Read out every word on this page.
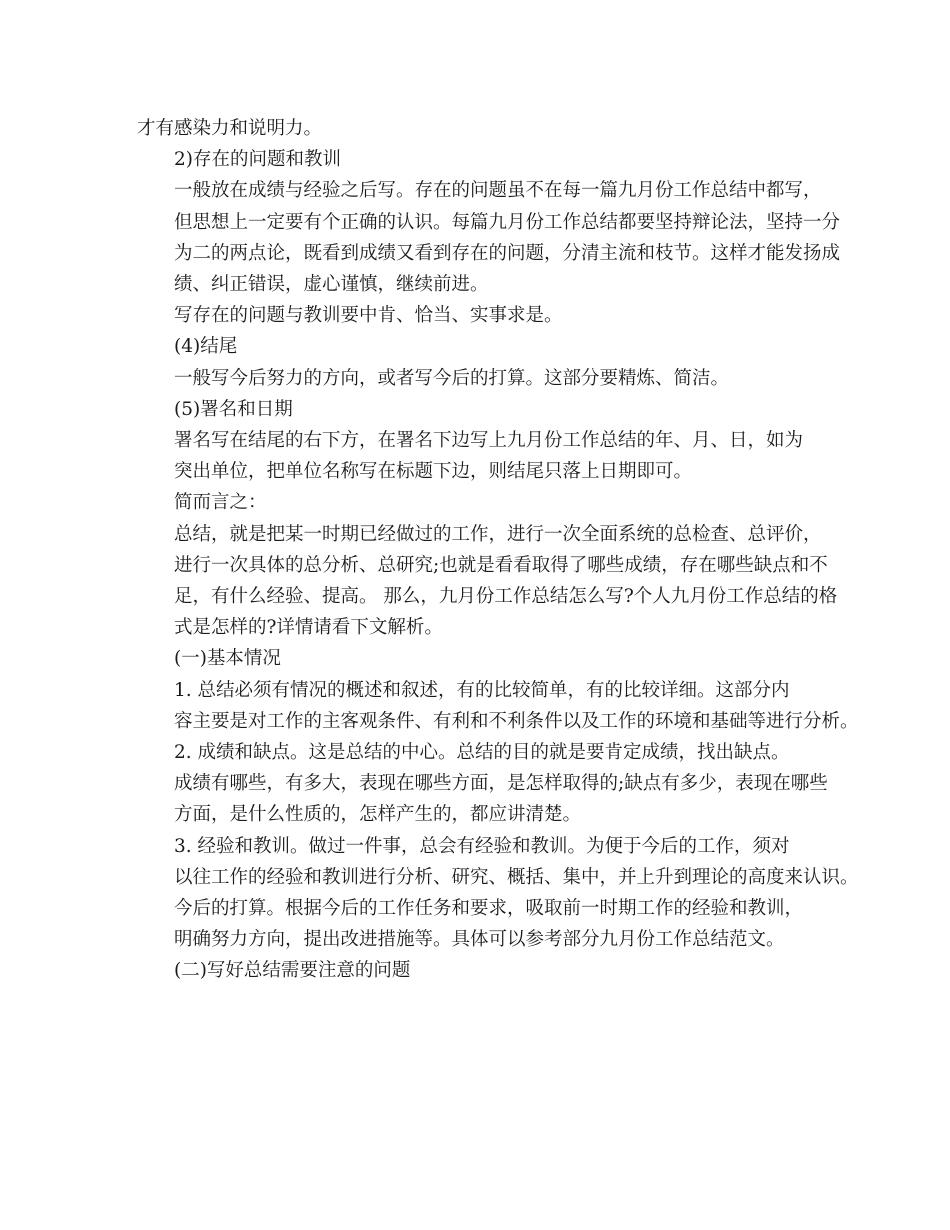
才有感染力和说明力。

2)存在的问题和教训

一般放在成绩与经验之后写。存在的问题虽不在每一篇九月份工作总结中都写，
但思想上一定要有个正确的认识。每篇九月份工作总结都要坚持辩论法，坚持一分
为二的两点论，既看到成绩又看到存在的问题，分清主流和枝节。这样才能发扬成
绩、纠正错误，虚心谨慎，继续前进。

写存在的问题与教训要中肯、恰当、实事求是。

(4)结尾

一般写今后努力的方向，或者写今后的打算。这部分要精炼、简洁。

(5)署名和日期

署名写在结尾的右下方，在署名下边写上九月份工作总结的年、月、日，如为
突出单位，把单位名称写在标题下边，则结尾只落上日期即可。

简而言之：

总结，就是把某一时期已经做过的工作，进行一次全面系统的总检查、总评价，
进行一次具体的总分析、总研究;也就是看看取得了哪些成绩，存在哪些缺点和不
足，有什么经验、提高。 那么，九月份工作总结怎么写?个人九月份工作总结的格
式是怎样的?详情请看下文解析。

(一)基本情况

1. 总结必须有情况的概述和叙述，有的比较简单，有的比较详细。这部分内
容主要是对工作的主客观条件、有利和不利条件以及工作的环境和基础等进行分析。

2. 成绩和缺点。这是总结的中心。总结的目的就是要肯定成绩，找出缺点。
成绩有哪些，有多大，表现在哪些方面，是怎样取得的;缺点有多少，表现在哪些
方面，是什么性质的，怎样产生的，都应讲清楚。

3. 经验和教训。做过一件事，总会有经验和教训。为便于今后的工作，须对
以往工作的经验和教训进行分析、研究、概括、集中，并上升到理论的高度来认识。

今后的打算。根据今后的工作任务和要求，吸取前一时期工作的经验和教训，
明确努力方向，提出改进措施等。具体可以参考部分九月份工作总结范文。

(二)写好总结需要注意的问题
